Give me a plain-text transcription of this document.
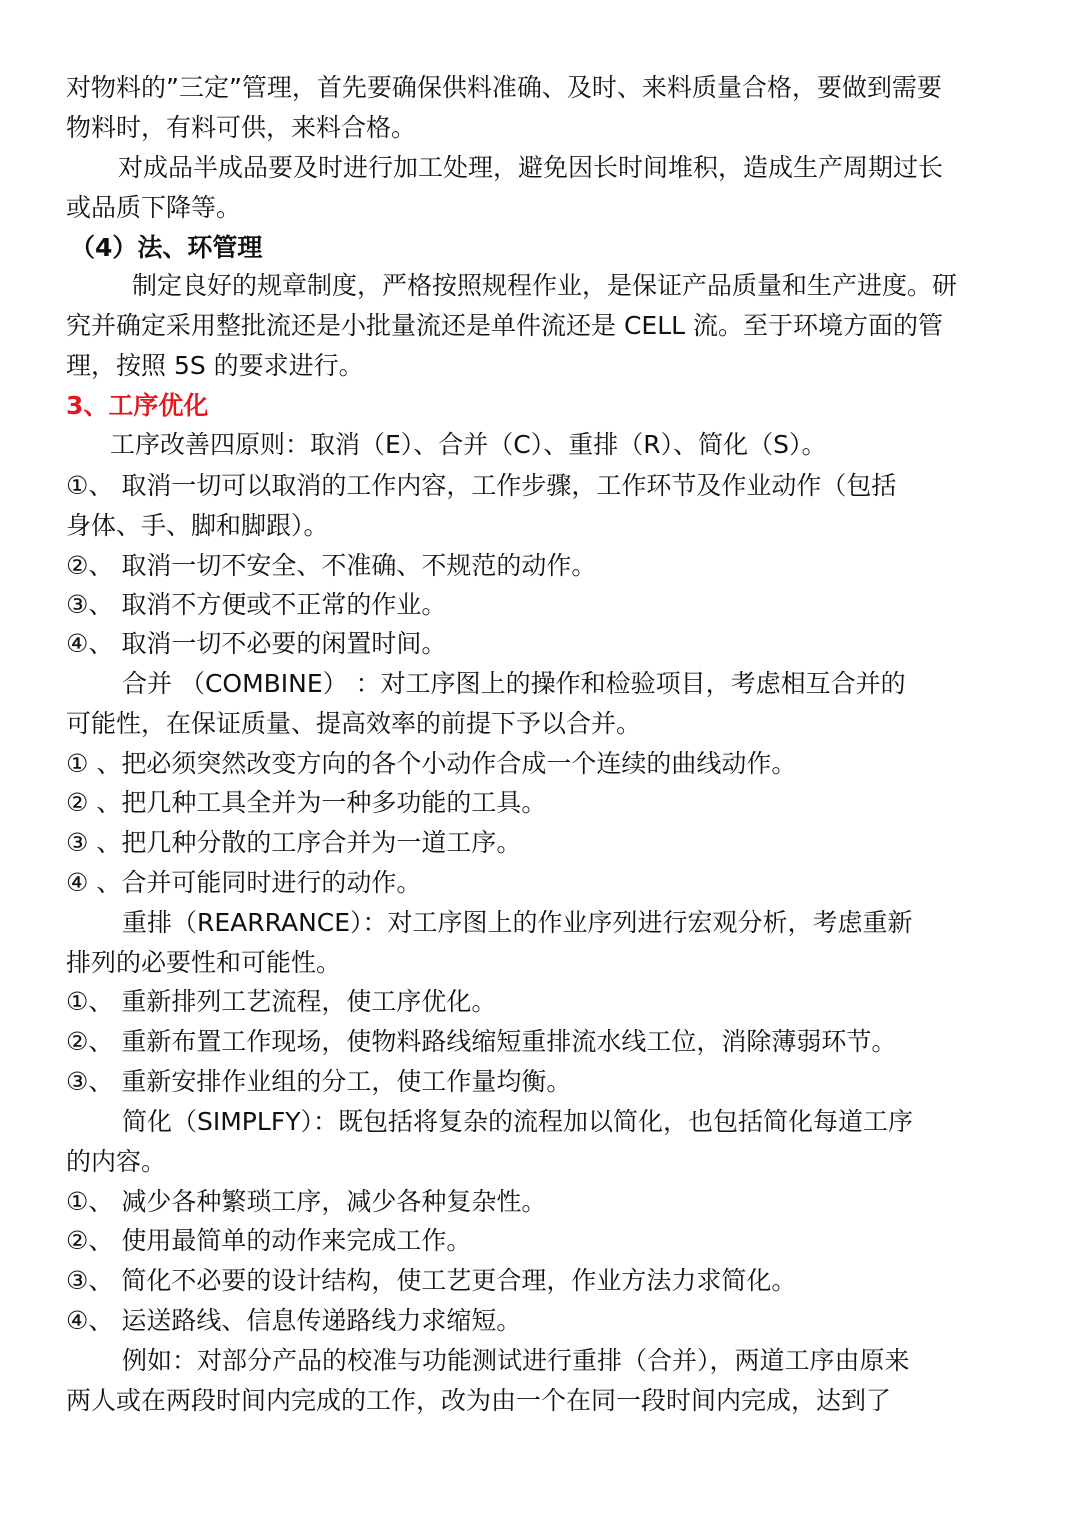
对物料的”三定”管理，首先要确保供料准确、及时、来料质量合格，要做到需要
物料时，有料可供，来料合格。
对成品半成品要及时进行加工处理，避免因长时间堆积，造成生产周期过长
或品质下降等。
（4）法、环管理
制定良好的规章制度，严格按照规程作业，是保证产品质量和生产进度。研
究并确定采用整批流还是小批量流还是单件流还是 CELL 流。至于环境方面的管
理，按照 5S 的要求进行。
3、工序优化
工序改善四原则：取消（E）、合并（C）、重排（R）、简化（S）。
①、 取消一切可以取消的工作内容，工作步骤，工作环节及作业动作（包括
身体、手、脚和脚跟）。
②、 取消一切不安全、不准确、不规范的动作。
③、 取消不方便或不正常的作业。
④、 取消一切不必要的闲置时间。
合并 （COMBINE） ：对工序图上的操作和检验项目，考虑相互合并的
可能性，在保证质量、提高效率的前提下予以合并。
① 、把必须突然改变方向的各个小动作合成一个连续的曲线动作。
② 、把几种工具全并为一种多功能的工具。
③ 、把几种分散的工序合并为一道工序。
④ 、合并可能同时进行的动作。
重排（REARRANCE）：对工序图上的作业序列进行宏观分析，考虑重新
排列的必要性和可能性。
①、 重新排列工艺流程，使工序优化。
②、 重新布置工作现场，使物料路线缩短重排流水线工位，消除薄弱环节。
③、 重新安排作业组的分工，使工作量均衡。
简化（SIMPLFY）：既包括将复杂的流程加以简化，也包括简化每道工序
的内容。
①、 减少各种繁琐工序，减少各种复杂性。
②、 使用最简单的动作来完成工作。
③、 简化不必要的设计结构，使工艺更合理，作业方法力求简化。
④、 运送路线、信息传递路线力求缩短。
例如：对部分产品的校准与功能测试进行重排（合并），两道工序由原来
两人或在两段时间内完成的工作，改为由一个在同一段时间内完成，达到了
